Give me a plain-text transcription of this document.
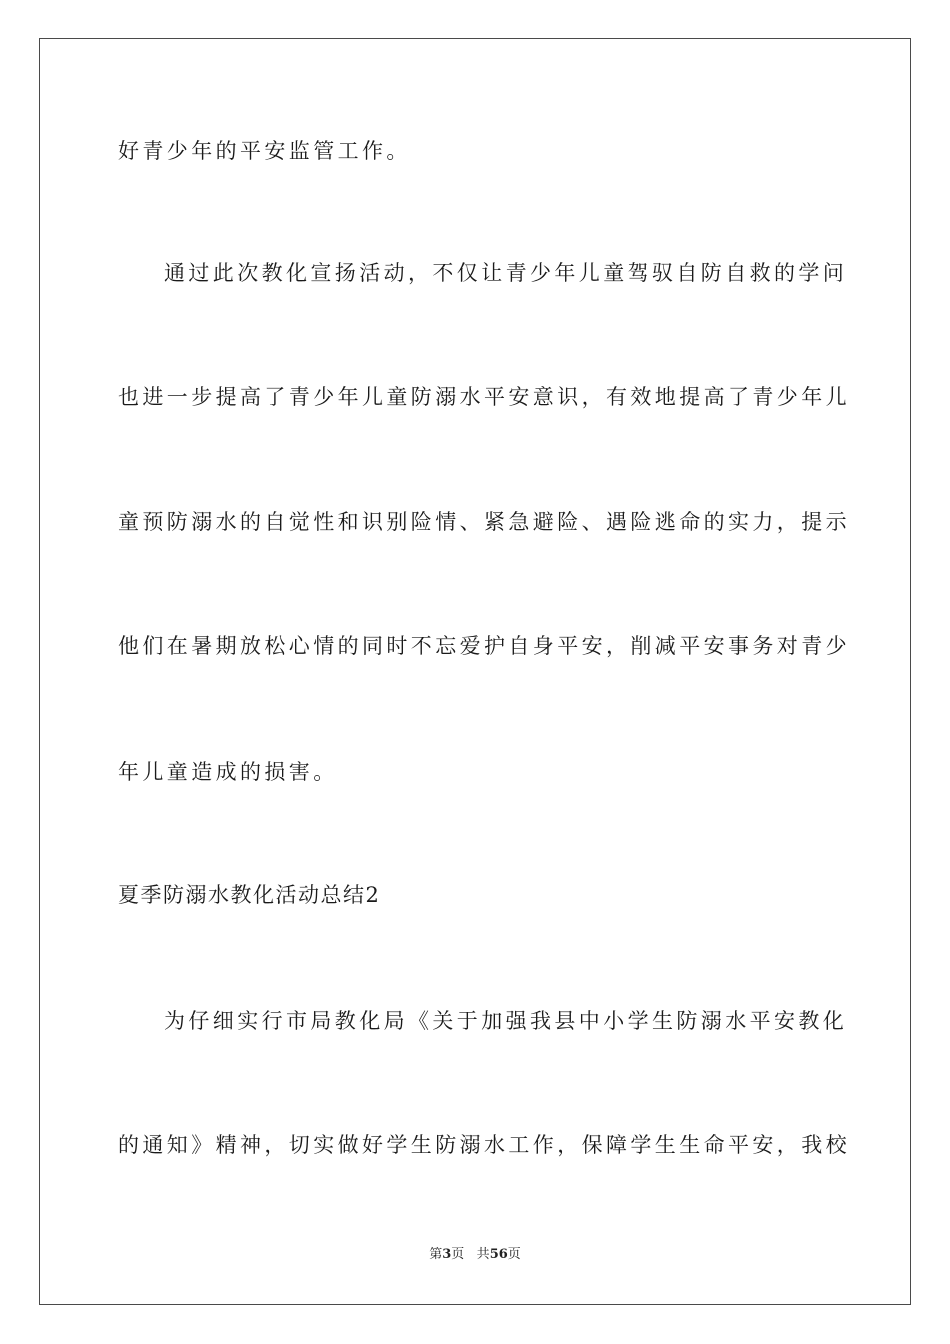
好青少年的平安监管工作。
通过此次教化宣扬活动，不仅让青少年儿童驾驭自防自救的学问
也进一步提高了青少年儿童防溺水平安意识，有效地提高了青少年儿
童预防溺水的自觉性和识别险情、紧急避险、遇险逃命的实力，提示
他们在暑期放松心情的同时不忘爱护自身平安，削减平安事务对青少
年儿童造成的损害。
夏季防溺水教化活动总结2
为仔细实行市局教化局《关于加强我县中小学生防溺水平安教化
的通知》精神，切实做好学生防溺水工作，保障学生生命平安，我校
第3页 共56页
